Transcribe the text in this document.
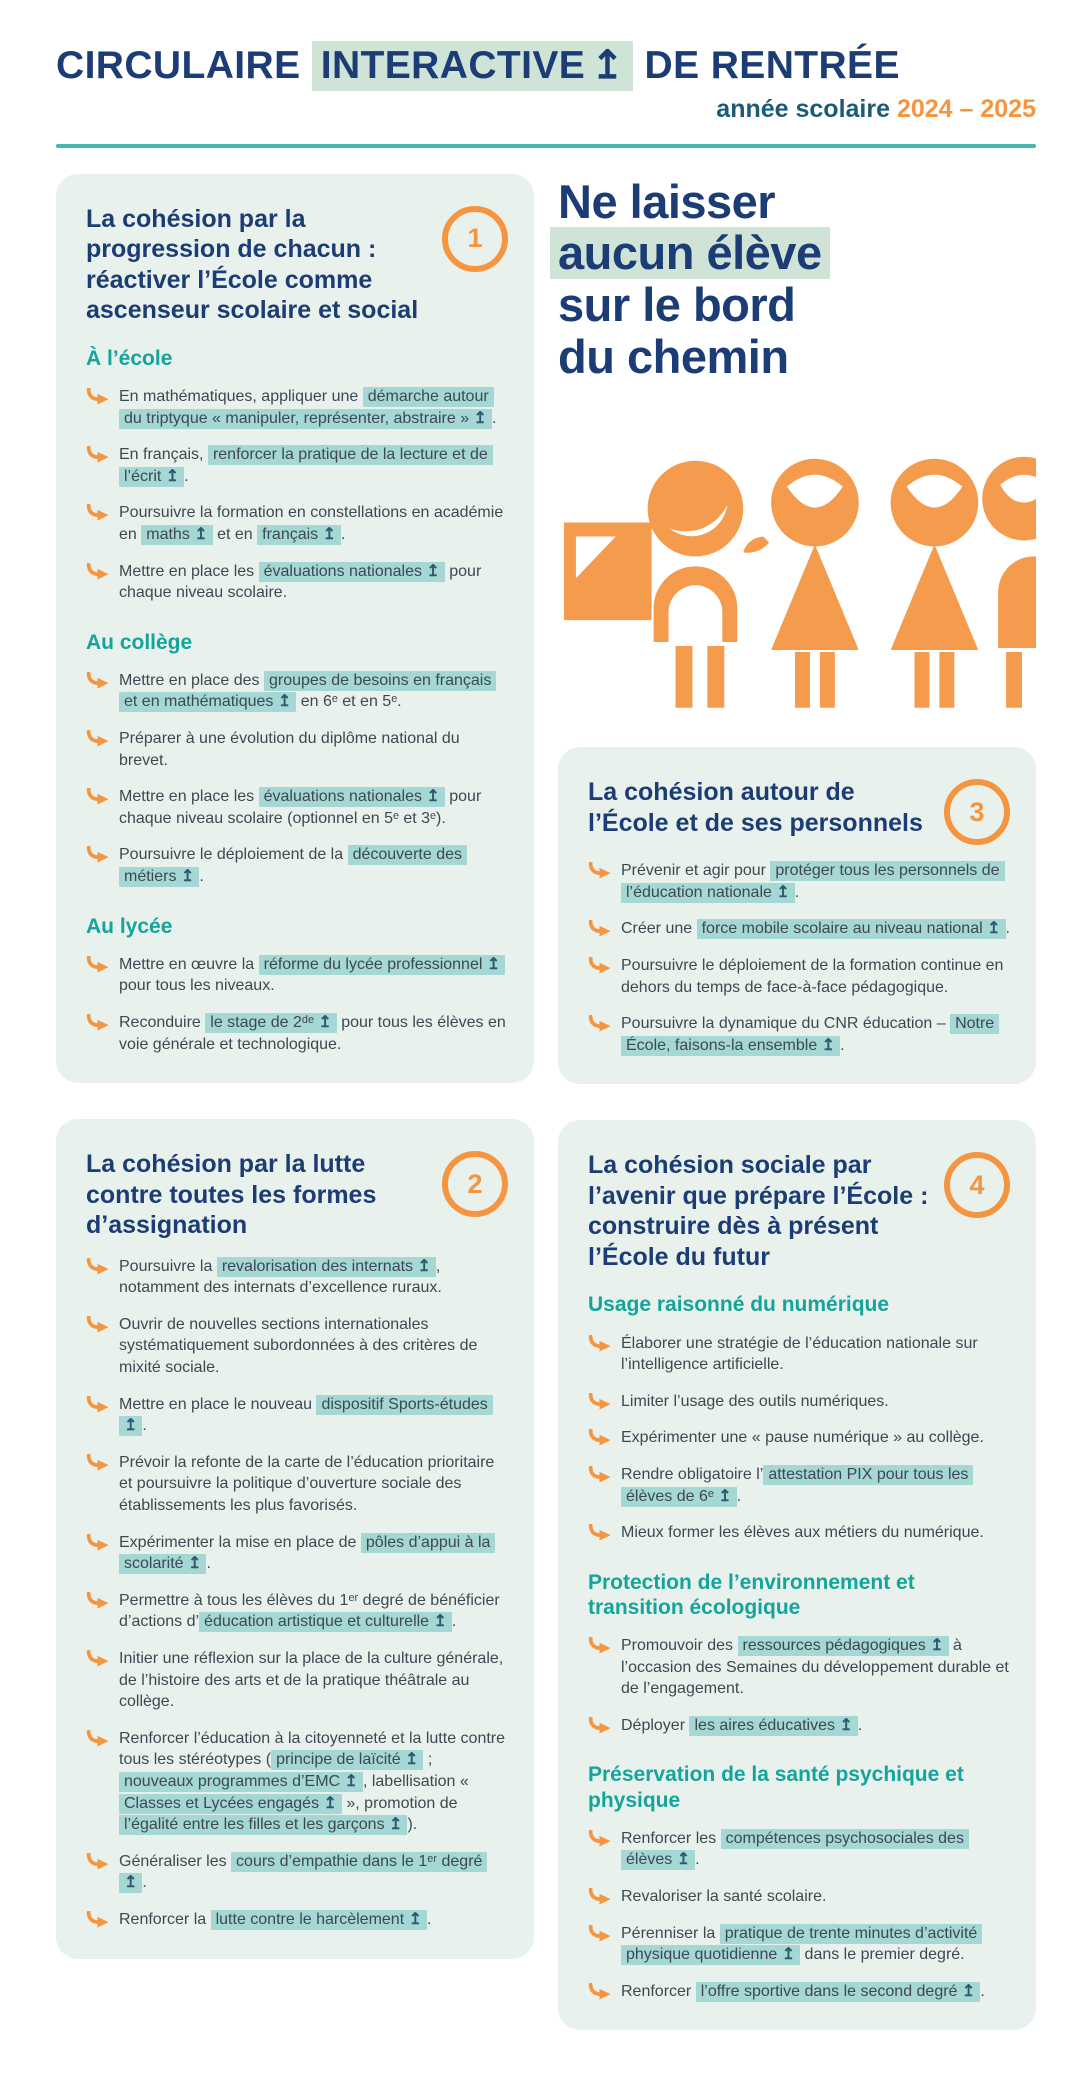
CIRCULAIRE INTERACTIVE ↥ DE RENTRÉE
année scolaire 2024 – 2025
La cohésion par la progression de chacun : réactiver l’École comme ascenseur scolaire et social
1
À l’école

En mathématiques, appliquer une démarche autour du triptyque « manipuler, représenter, abstraire » ↥ .

En français, renforcer la pratique de la lecture et de l’écrit ↥ .

Poursuivre la formation en constellations en académie en maths ↥ et en français ↥ .

Mettre en place les évaluations nationales ↥ pour chaque niveau scolaire.

Au collège

Mettre en place des groupes de besoins en français et en mathématiques ↥ en 6ᵉ et en 5ᵉ.

Préparer à une évolution du diplôme national du brevet.

Mettre en place les évaluations nationales ↥ pour chaque niveau scolaire (optionnel en 5ᵉ et 3ᵉ).

Poursuivre le déploiement de la découverte des métiers ↥ .

Au lycée

Mettre en œuvre la réforme du lycée professionnel ↥ pour tous les niveaux.

Reconduire le stage de 2ᵈᵉ ↥ pour tous les élèves en voie générale et technologique.

La cohésion par la lutte contre toutes les formes d’assignation
2

Poursuivre la revalorisation des internats ↥ , notamment des internats d’excellence ruraux.

Ouvrir de nouvelles sections internationales systématiquement subordonnées à des critères de mixité sociale.

Mettre en place le nouveau dispositif Sports-études ↥ .

Prévoir la refonte de la carte de l’éducation prioritaire et poursuivre la politique d’ouverture sociale des établissements les plus favorisés.

Expérimenter la mise en place de pôles d’appui à la scolarité ↥ .

Permettre à tous les élèves du 1ᵉʳ degré de bénéficier d’actions d’ éducation artistique et culturelle ↥ .

Initier une réflexion sur la place de la culture générale, de l’histoire des arts et de la pratique théâtrale au collège.

Renforcer l’éducation à la citoyenneté et la lutte contre tous les stéréotypes ( principe de laïcité ↥ ; nouveaux programmes d’EMC ↥ , labellisation « Classes et Lycées engagés ↥ », promotion de l’égalité entre les filles et les garçons ↥ ).

Généraliser les cours d’empathie dans le 1ᵉʳ degré ↥ .

Renforcer la lutte contre le harcèlement ↥ .

Ne laisser
aucun élève
sur le bord
du chemin
La cohésion autour de l’École et de ses personnels	3

Prévenir et agir pour protéger tous les personnels de l’éducation nationale ↥ .

Créer une force mobile scolaire au niveau national ↥ .

Poursuivre le déploiement de la formation continue en dehors du temps de face-à-face pédagogique.

Poursuivre la dynamique du CNR éducation – Notre École, faisons-la ensemble ↥ .

La cohésion sociale par l’avenir que prépare l’École : construire dès à présent l’École du futur
4
Usage raisonné du numérique

Élaborer une stratégie de l’éducation nationale sur l’intelligence artificielle.

Limiter l’usage des outils numériques.

Expérimenter une « pause numérique » au collège.

Rendre obligatoire l’ attestation PIX pour tous les élèves de 6ᵉ ↥ .

Mieux former les élèves aux métiers du numérique.

Protection de l’environnement et transition écologique

Promouvoir des ressources pédagogiques ↥ à l’occasion des Semaines du développement durable et de l’engagement.

Déployer les aires éducatives ↥ .

Préservation de la santé psychique et physique

Renforcer les compétences psychosociales des élèves ↥ .

Revaloriser la santé scolaire.

Pérenniser la pratique de trente minutes d’activité physique quotidienne ↥ dans le premier degré.

Renforcer l’offre sportive dans le second degré ↥ .
